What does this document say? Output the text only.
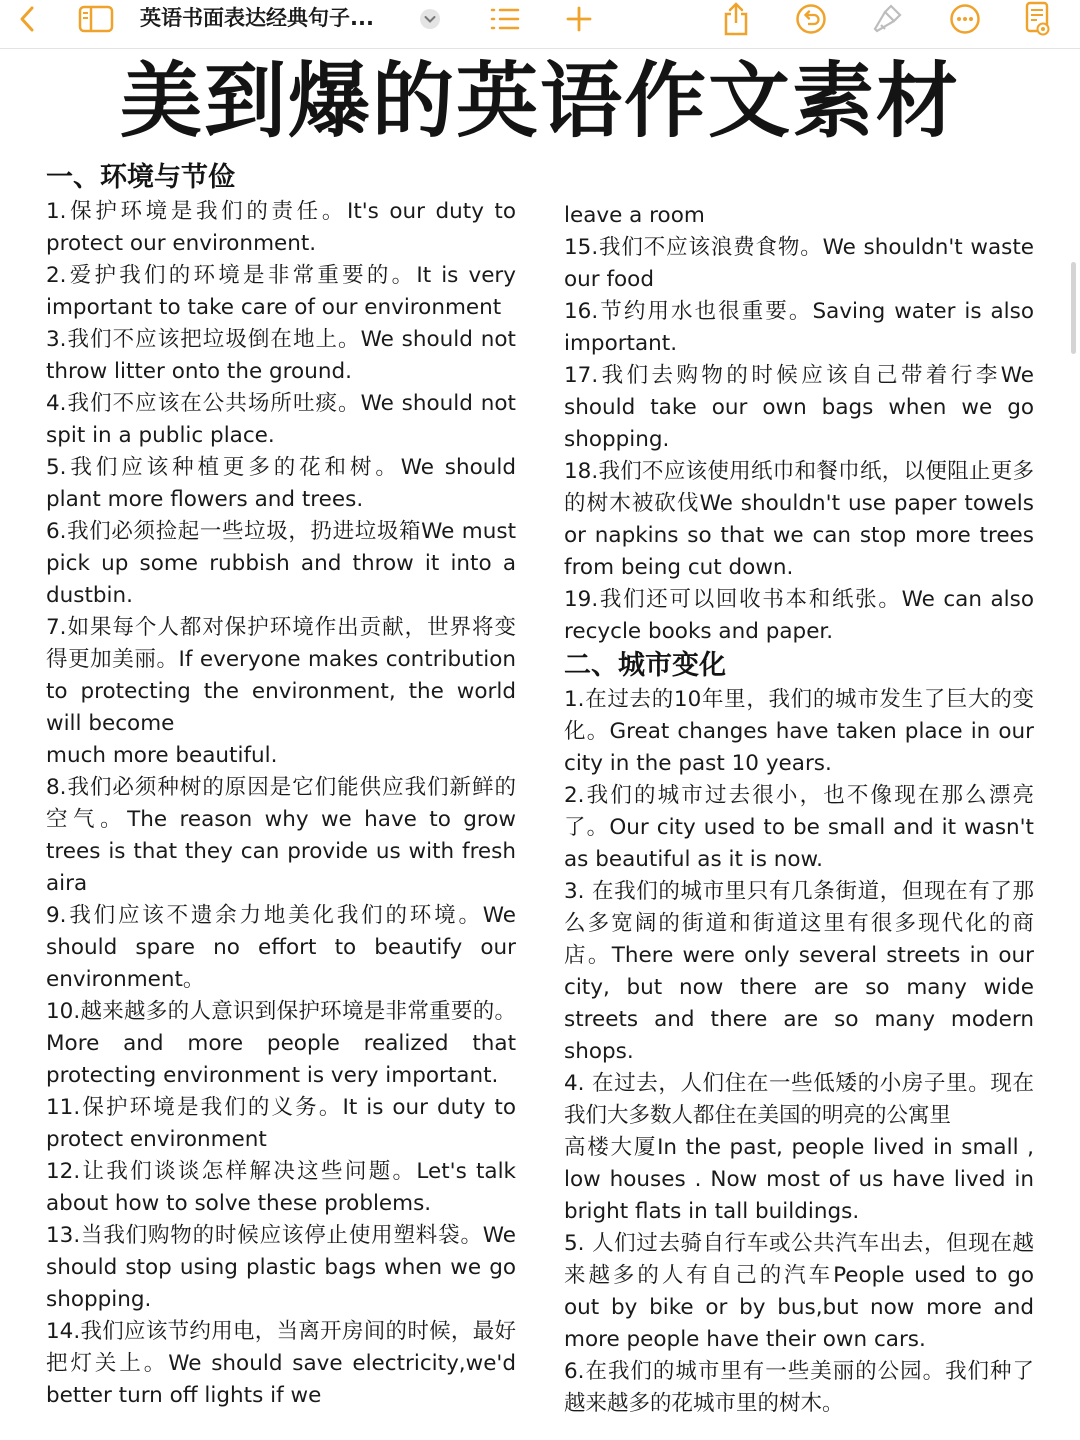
英语书面表达经典句子...
美到爆的英语作文素材
一、环境与节俭

1.保护环境是我们的责任。It's our duty to protect our environment.

2.爱护我们的环境是非常重要的。It is very important to take care of our environment

3.我们不应该把垃圾倒在地上。We should not throw litter onto the ground.

4.我们不应该在公共场所吐痰。We should not spit in a public place.

5.我们应该种植更多的花和树。We should plant more flowers and trees.

6.我们必须捡起一些垃圾，扔进垃圾箱We must pick up some rubbish and throw it into a dustbin.

7.如果每个人都对保护环境作出贡献，世界将变得更加美丽。If everyone makes contribution to protecting the environment, the world will become

much more beautiful.

8.我们必须种树的原因是它们能供应我们新鲜的空气。The reason why we have to grow trees is that they can provide us with fresh aira

9.我们应该不遗余力地美化我们的环境。We should spare no effort to beautify our environment。

10.越来越多的人意识到保护环境是非常重要的。More and more people realized that protecting environment is very important.

11.保护环境是我们的义务。It is our duty to protect environment

12.让我们谈谈怎样解决这些问题。Let's talk about how to solve these problems.

13.当我们购物的时候应该停止使用塑料袋。We should stop using plastic bags when we go shopping.

14.我们应该节约用电，当离开房间的时候，最好把灯关上。We should save electricity,we'd better turn off lights if we

leave a room

15.我们不应该浪费食物。We shouldn't waste our food

16.节约用水也很重要。Saving water is also important.

17.我们去购物的时候应该自己带着行李We should take our own bags when we go shopping.

18.我们不应该使用纸巾和餐巾纸，以便阻止更多的树木被砍伐We shouldn't use paper towels or napkins so that we can stop more trees from being cut down.

19.我们还可以回收书本和纸张。We can also recycle books and paper.

二、城市变化

1.在过去的10年里，我们的城市发生了巨大的变化。Great changes have taken place in our city in the past 10 years.

2.我们的城市过去很小，也不像现在那么漂亮了。Our city used to be small and it wasn't as beautiful as it is now.

3. 在我们的城市里只有几条街道，但现在有了那么多宽阔的街道和街道这里有很多现代化的商店。There were only several streets in our city, but now there are so many wide streets and there are so many modern shops.

4. 在过去，人们住在一些低矮的小房子里。现在我们大多数人都住在美国的明亮的公寓里

高楼大厦In the past, people lived in small , low houses . Now most of us have lived in bright flats in tall buildings.

5. 人们过去骑自行车或公共汽车出去，但现在越来越多的人有自己的汽车People used to go out by bike or by bus,but now more and more people have their own cars.

6.在我们的城市里有一些美丽的公园。我们种了越来越多的花城市里的树木。
